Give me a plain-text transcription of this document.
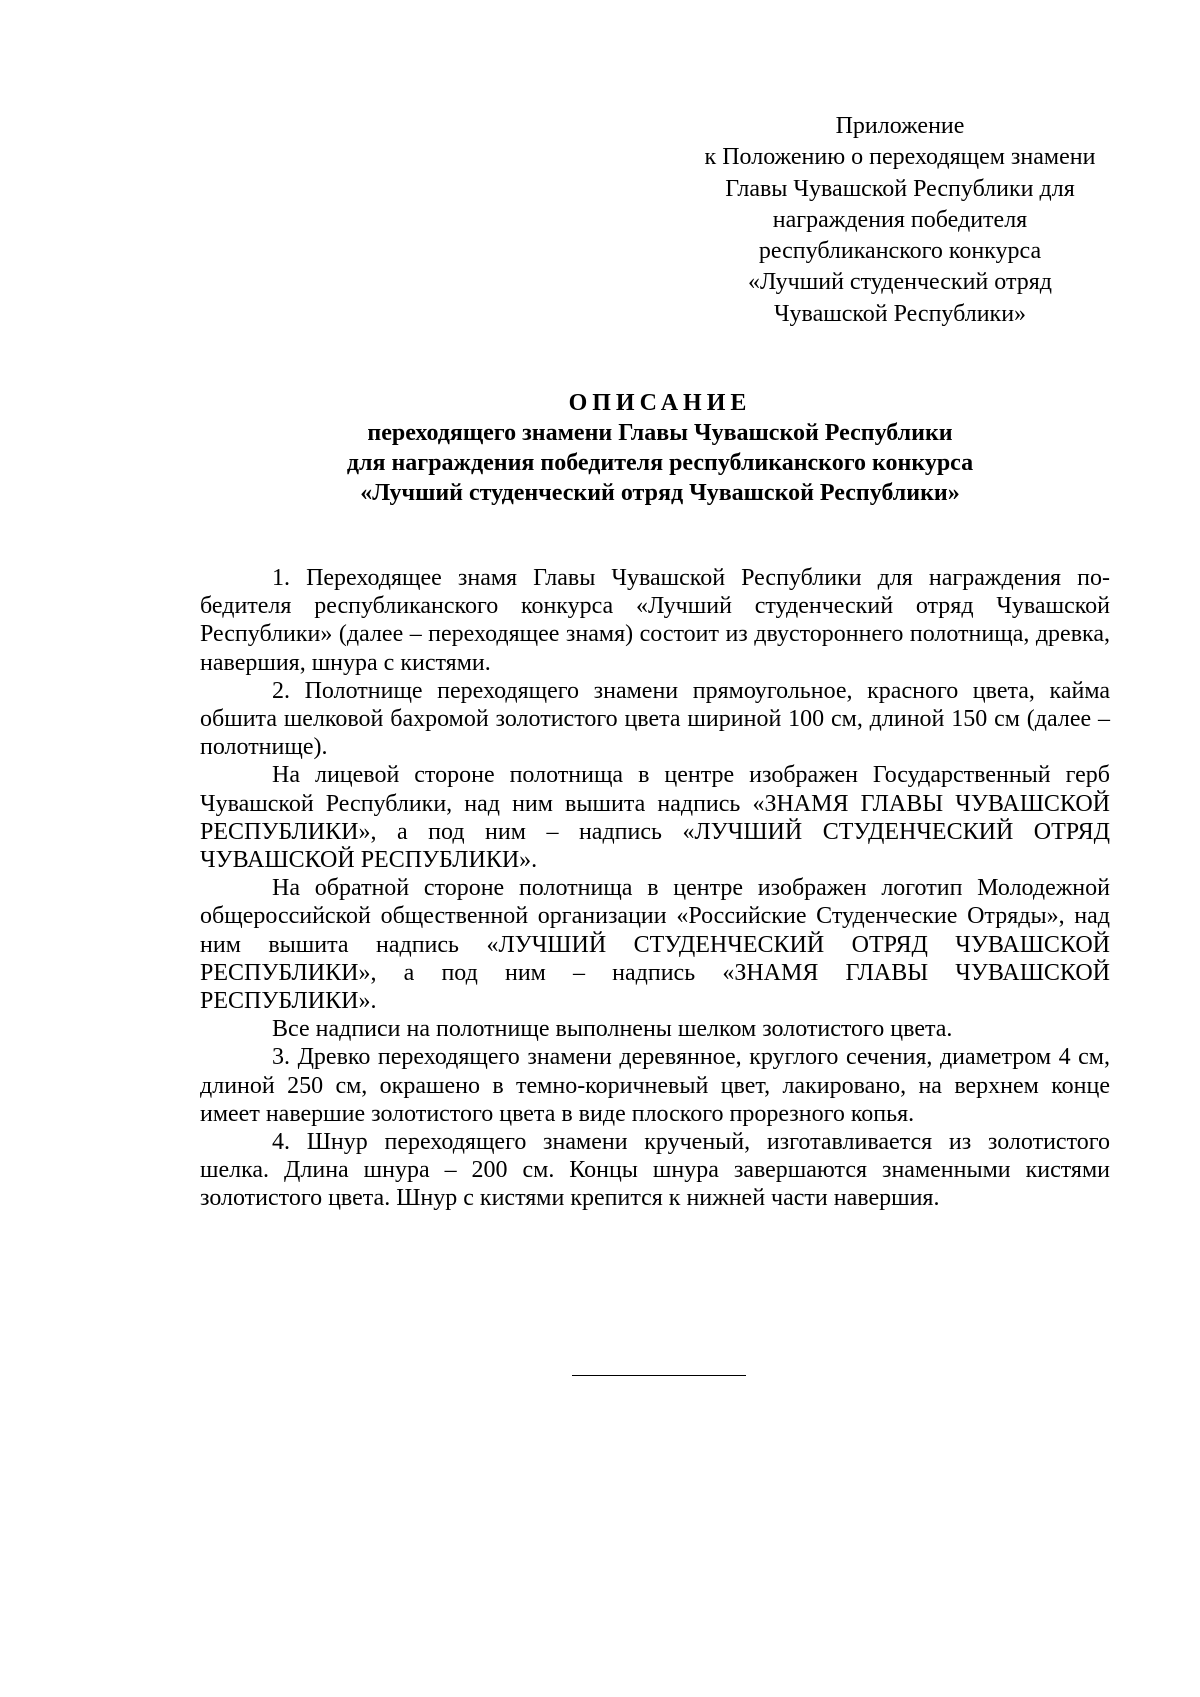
Приложение
к Положению о переходящем знамени
Главы Чувашской Республики для
награждения победителя
республиканского конкурса
«Лучший студенческий отряд
Чувашской Республики»
ОПИСАНИЕ
переходящего знамени Главы Чувашской Республики
для награждения победителя республиканского конкурса
«Лучший студенческий отряд Чувашской Республики»

1. Переходящее знамя Главы Чувашской Республики для награждения победителя республиканского конкурса «Лучший студенческий отряд Чувашской Республики» (далее – переходящее знамя) состоит из двустороннего полотнища, древка, навершия, шнура с кистями.

2. Полотнище переходящего знамени прямоугольное, красного цвета, кайма обшита шелковой бахромой золотистого цвета шириной 100 см, длиной 150 см (далее – полотнище).

На лицевой стороне полотнища в центре изображен Государственный герб Чувашской Республики, над ним вышита надпись «ЗНАМЯ ГЛАВЫ ЧУВАШСКОЙ РЕСПУБЛИКИ», а под ним – надпись «ЛУЧШИЙ СТУДЕНЧЕСКИЙ ОТРЯД ЧУВАШСКОЙ РЕСПУБЛИКИ».

На обратной стороне полотнища в центре изображен логотип Молодежной общероссийской общественной организации «Российские Студенческие Отряды», над ним вышита надпись «ЛУЧШИЙ СТУДЕНЧЕСКИЙ ОТРЯД ЧУВАШСКОЙ РЕСПУБЛИКИ», а под ним – надпись «ЗНАМЯ ГЛАВЫ ЧУВАШСКОЙ РЕСПУБЛИКИ».

Все надписи на полотнище выполнены шелком золотистого цвета.

3. Древко переходящего знамени деревянное, круглого сечения, диаметром 4 см, длиной 250 см, окрашено в темно-коричневый цвет, лакировано, на верхнем конце имеет навершие золотистого цвета в виде плоского прорезного копья.

4. Шнур переходящего знамени крученый, изготавливается из золотистого шелка. Длина шнура – 200 см. Концы шнура завершаются знаменными кистями золотистого цвета. Шнур с кистями крепится к нижней части навершия.
